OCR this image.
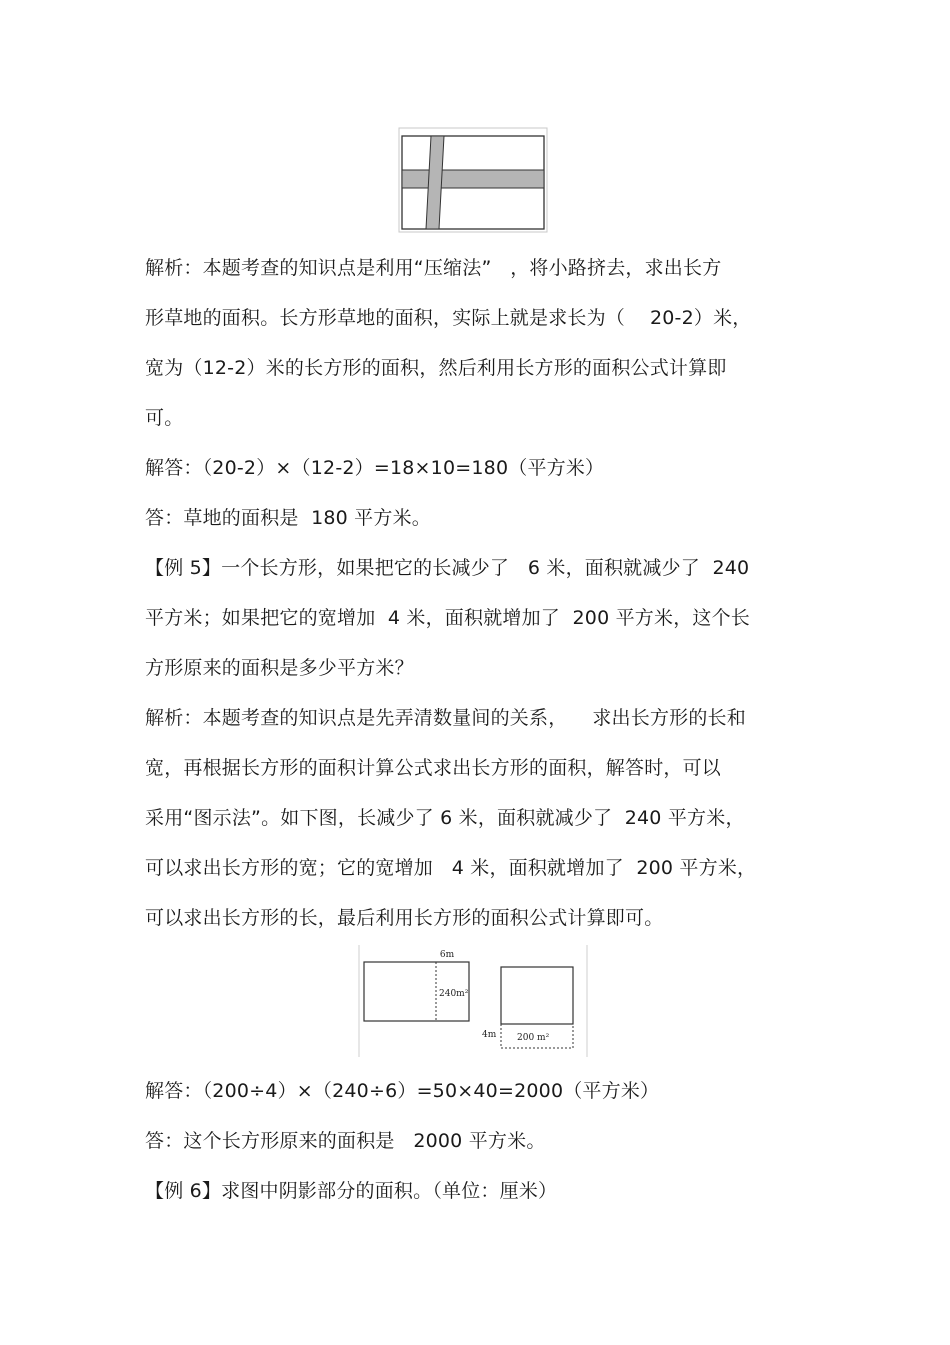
解析：本题考查的知识点是利用“压缩法”   ，将小路挤去，求出长方
形草地的面积。长方形草地的面积，实际上就是求长为（    20-2）米，
宽为（12-2）米的长方形的面积，然后利用长方形的面积公式计算即
可。
解答：（20-2）×（12-2）=18×10=180（平方米）
答：草地的面积是  180 平方米。
【例 5】一个长方形，如果把它的长减少了   6 米，面积就减少了  240
平方米；如果把它的宽增加  4 米，面积就增加了  200 平方米，这个长
方形原来的面积是多少平方米？
解析：本题考查的知识点是先弄清数量间的关系，    求出长方形的长和
宽，再根据长方形的面积计算公式求出长方形的面积，解答时，可以
采用“图示法”。如下图，长减少了 6 米，面积就减少了  240 平方米，
可以求出长方形的宽；它的宽增加   4 米，面积就增加了  200 平方米，
可以求出长方形的长，最后利用长方形的面积公式计算即可。
6m
240m²
4m 200 m²
解答：（200÷4）×（240÷6）=50×40=2000（平方米）
答：这个长方形原来的面积是   2000 平方米。
【例 6】求图中阴影部分的面积。（单位：厘米）
